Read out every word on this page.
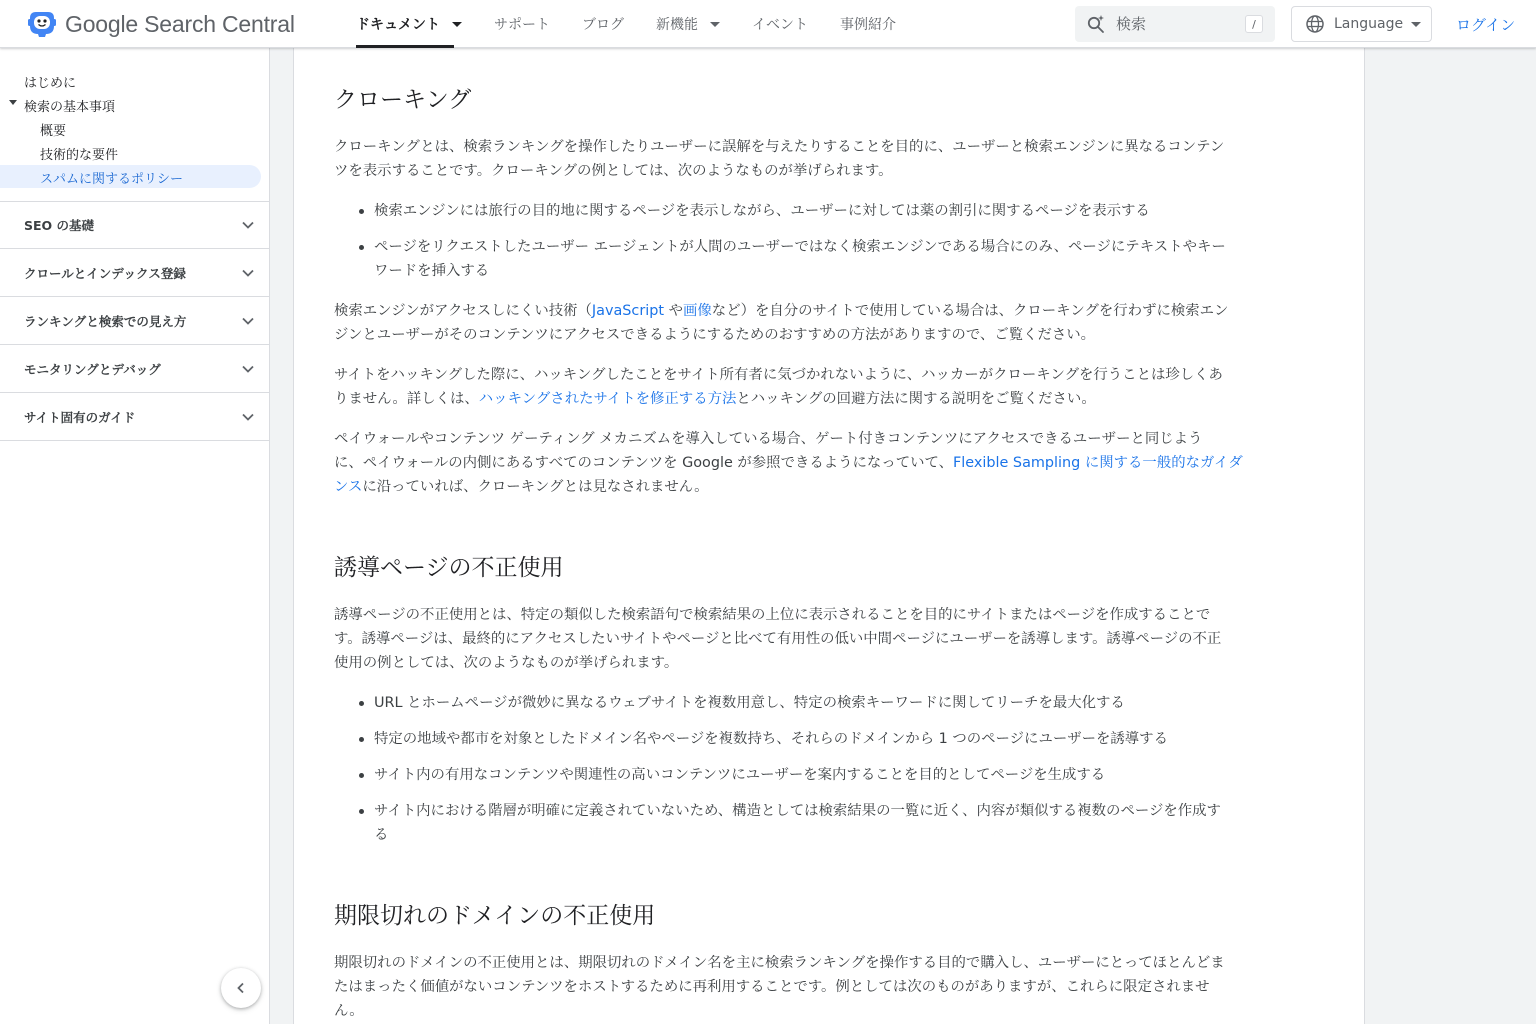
Google Search Central	ドキュメント	サポート ブログ 新機能	イベント 事例紹介
検索	/	Language	ログイン
はじめに
検索の基本事項
概要
技術的な要件
スパムに関するポリシー
SEO の基礎
クロールとインデックス登録
ランキングと検索での見え方
モニタリングとデバッグ
サイト固有のガイド
クローキング
クローキングとは、検索ランキングを操作したりユーザーに誤解を与えたりすることを目的に、ユーザーと検索エンジンに異なるコンテン
ツを表示することです。クローキングの例としては、次のようなものが挙げられます。
検索エンジンには旅行の目的地に関するページを表示しながら、ユーザーに対しては薬の割引に関するページを表示する
ページをリクエストしたユーザー エージェントが人間のユーザーではなく検索エンジンである場合にのみ、ページにテキストやキー
ワードを挿入する
検索エンジンがアクセスしにくい技術（JavaScript や画像など）を自分のサイトで使用している場合は、クローキングを行わずに検索エン
ジンとユーザーがそのコンテンツにアクセスできるようにするためのおすすめの方法がありますので、ご覧ください。
サイトをハッキングした際に、ハッキングしたことをサイト所有者に気づかれないように、ハッカーがクローキングを行うことは珍しくあ
りません。詳しくは、ハッキングされたサイトを修正する方法とハッキングの回避方法に関する説明をご覧ください。
ペイウォールやコンテンツ ゲーティング メカニズムを導入している場合、ゲート付きコンテンツにアクセスできるユーザーと同じよう
に、ペイウォールの内側にあるすべてのコンテンツを Google が参照できるようになっていて、Flexible Sampling に関する一般的なガイダ
ンスに沿っていれば、クローキングとは見なされません。
誘導ページの不正使用
誘導ページの不正使用とは、特定の類似した検索語句で検索結果の上位に表示されることを目的にサイトまたはページを作成することで
す。誘導ページは、最終的にアクセスしたいサイトやページと比べて有用性の低い中間ページにユーザーを誘導します。誘導ページの不正
使用の例としては、次のようなものが挙げられます。
URL とホームページが微妙に異なるウェブサイトを複数用意し、特定の検索キーワードに関してリーチを最大化する
特定の地域や都市を対象としたドメイン名やページを複数持ち、それらのドメインから 1 つのページにユーザーを誘導する
サイト内の有用なコンテンツや関連性の高いコンテンツにユーザーを案内することを目的としてページを生成する
サイト内における階層が明確に定義されていないため、構造としては検索結果の一覧に近く、内容が類似する複数のページを作成す
る
期限切れのドメインの不正使用
期限切れのドメインの不正使用とは、期限切れのドメイン名を主に検索ランキングを操作する目的で購入し、ユーザーにとってほとんどま
たはまったく価値がないコンテンツをホストするために再利用することです。例としては次のものがありますが、これらに限定されませ
ん。
